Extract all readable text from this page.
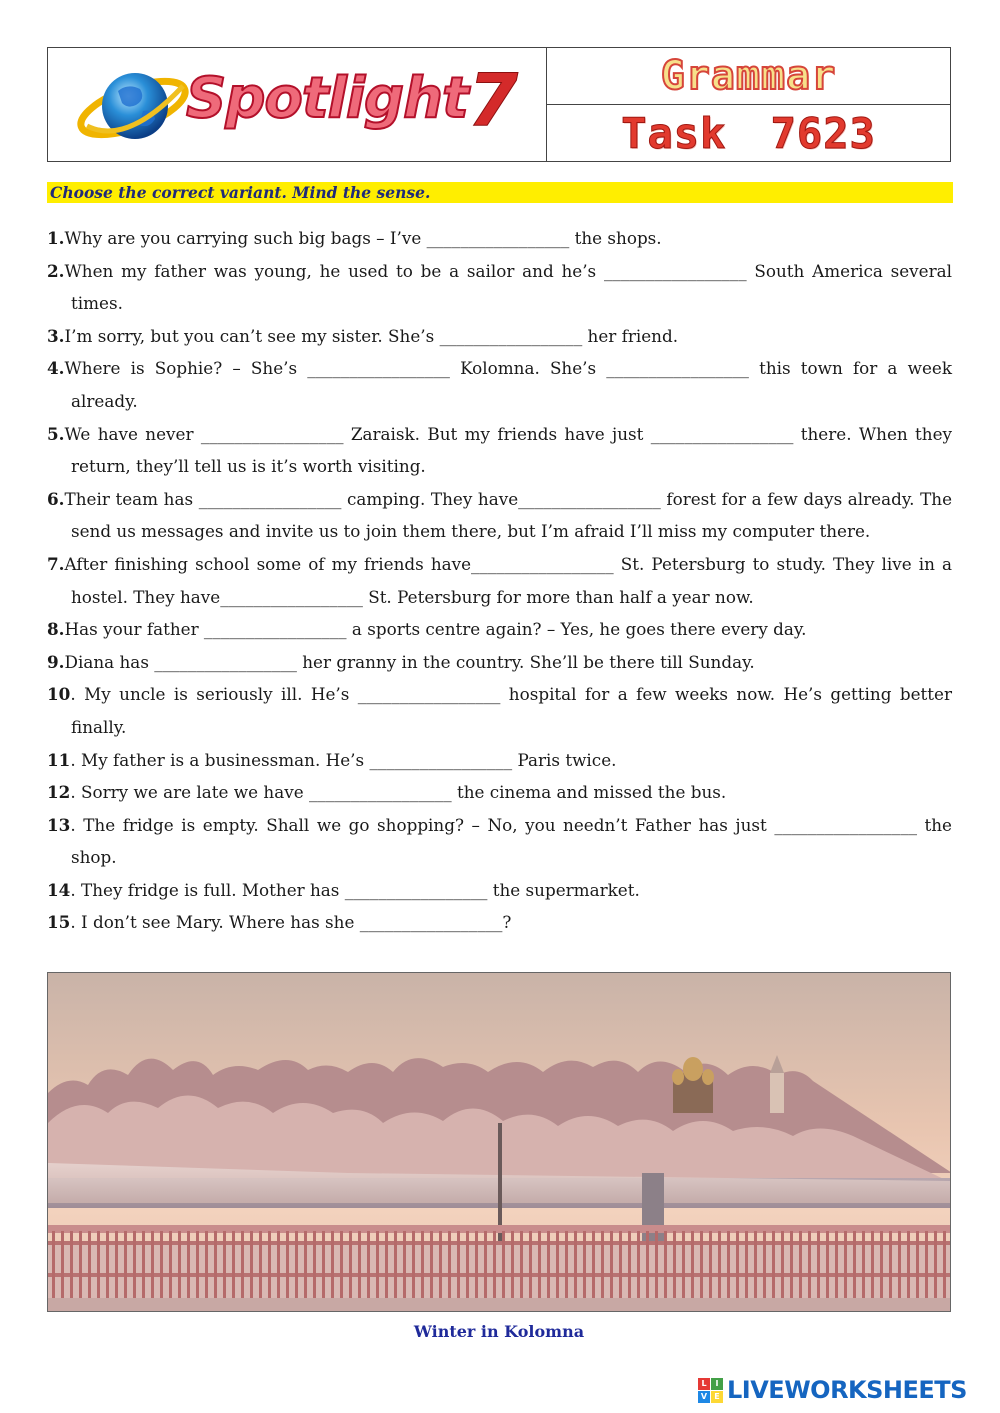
Spotlight 7	Grammar
Task 7623
Choose the correct variant. Mind the sense.
1.Why are you carrying such big bags – I’ve _________________ the shops.
2.When my father was young, he used to be a sailor and he’s _________________ South America several times.
3.I’m sorry, but you can’t see my sister. She’s _________________ her friend.
4.Where is Sophie? – She’s _________________ Kolomna. She’s _________________ this town for a week already.
5.We have never _________________ Zaraisk. But my friends have just _________________ there. When they return, they’ll tell us is it’s worth visiting.
6.Their team has _________________ camping. They have_________________ forest for a few days already. The send us messages and invite us to join them there, but I’m afraid I’ll miss my computer there.
7.After finishing school some of my friends have_________________ St. Petersburg to study. They live in a hostel. They have_________________ St. Petersburg for more than half a year now.
8.Has your father _________________ a sports centre again? – Yes, he goes there every day.
9.Diana has _________________ her granny in the country. She’ll be there till Sunday.
10. My uncle is seriously ill. He’s _________________ hospital for a few weeks now. He’s getting better finally.
11. My father is a businessman. He’s _________________ Paris twice.
12. Sorry we are late we have _________________ the cinema and missed the bus.
13. The fridge is empty. Shall we go shopping? – No, you needn’t Father has just _________________ the shop.
14. They fridge is full. Mother has _________________ the supermarket.
15. I don’t see Mary. Where has she _________________?
Winter in Kolomna
L	I
V E LIVEWORKSHEETS
